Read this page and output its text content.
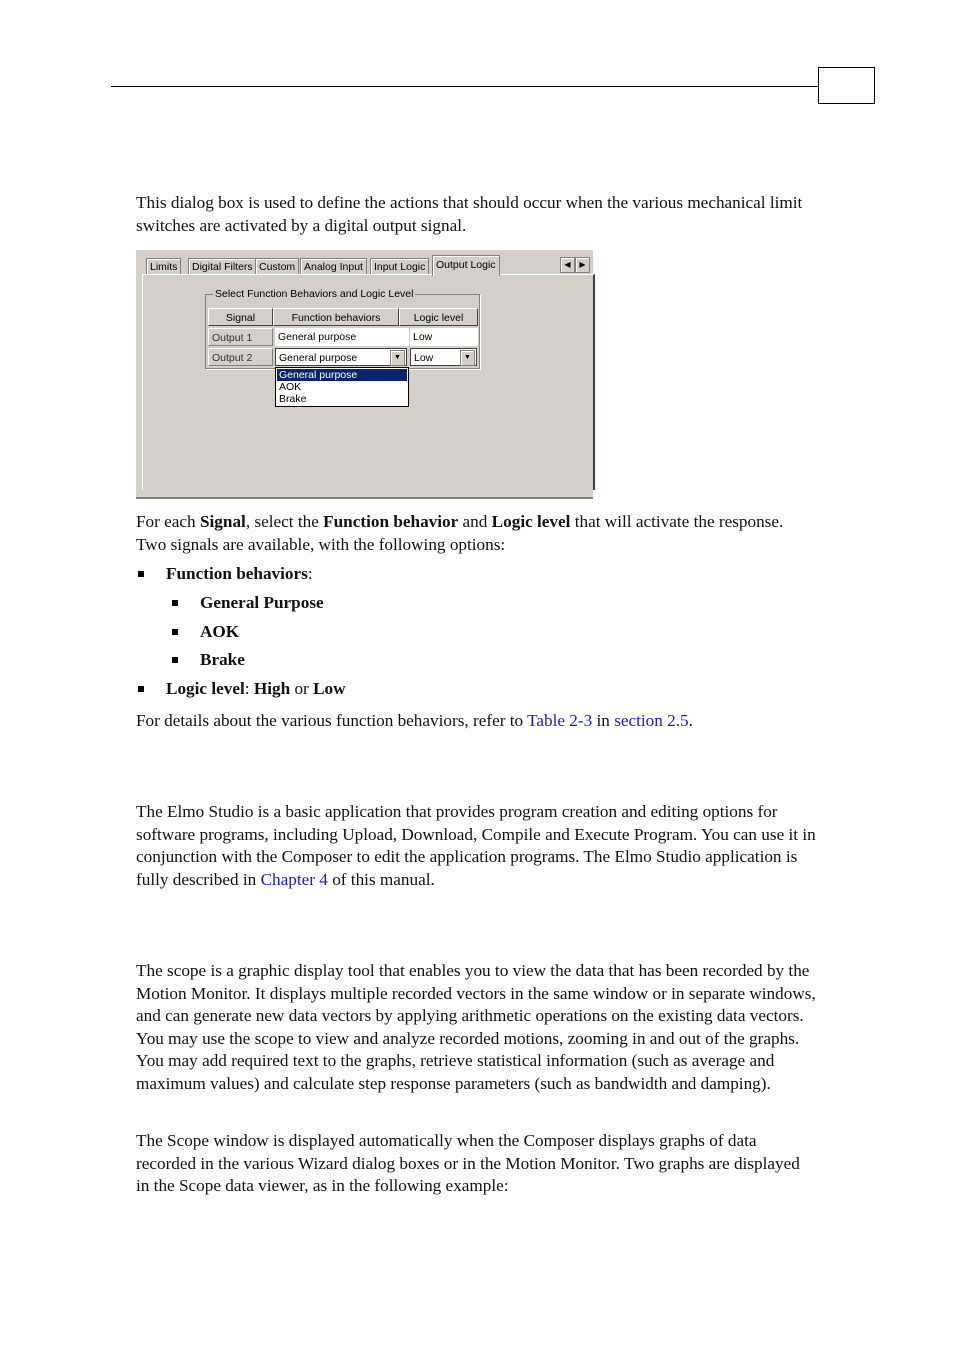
This dialog box is used to define the actions that should occur when the various mechanical limit switches are activated by a digital output signal.

Limits	Digital Filters Custom Analog Input	Input Logic	Output Logic	◀	▶
Select Function Behaviors and Logic Level
Signal	Function behaviors	Logic level
Output 1	General purpose	Low
Output 2	General purpose	▼	Low	▼
General purpose
AOK
Brake

For each Signal, select the Function behavior and Logic level that will activate the response. Two signals are available, with the following options:

Function behaviors :
General Purpose
AOK
Brake
Logic level : High or Low

For details about the various function behaviors, refer to Table 2-3 in section 2.5.

The Elmo Studio is a basic application that provides program creation and editing options for software programs, including Upload, Download, Compile and Execute Program. You can use it in conjunction with the Composer to edit the application programs. The Elmo Studio application is fully described in Chapter 4 of this manual.

The scope is a graphic display tool that enables you to view the data that has been recorded by the Motion Monitor. It displays multiple recorded vectors in the same window or in separate windows, and can generate new data vectors by applying arithmetic operations on the existing data vectors. You may use the scope to view and analyze recorded motions, zooming in and out of the graphs. You may add required text to the graphs, retrieve statistical information (such as average and maximum values) and calculate step response parameters (such as bandwidth and damping).

The Scope window is displayed automatically when the Composer displays graphs of data recorded in the various Wizard dialog boxes or in the Motion Monitor. Two graphs are displayed in the Scope data viewer, as in the following example:
